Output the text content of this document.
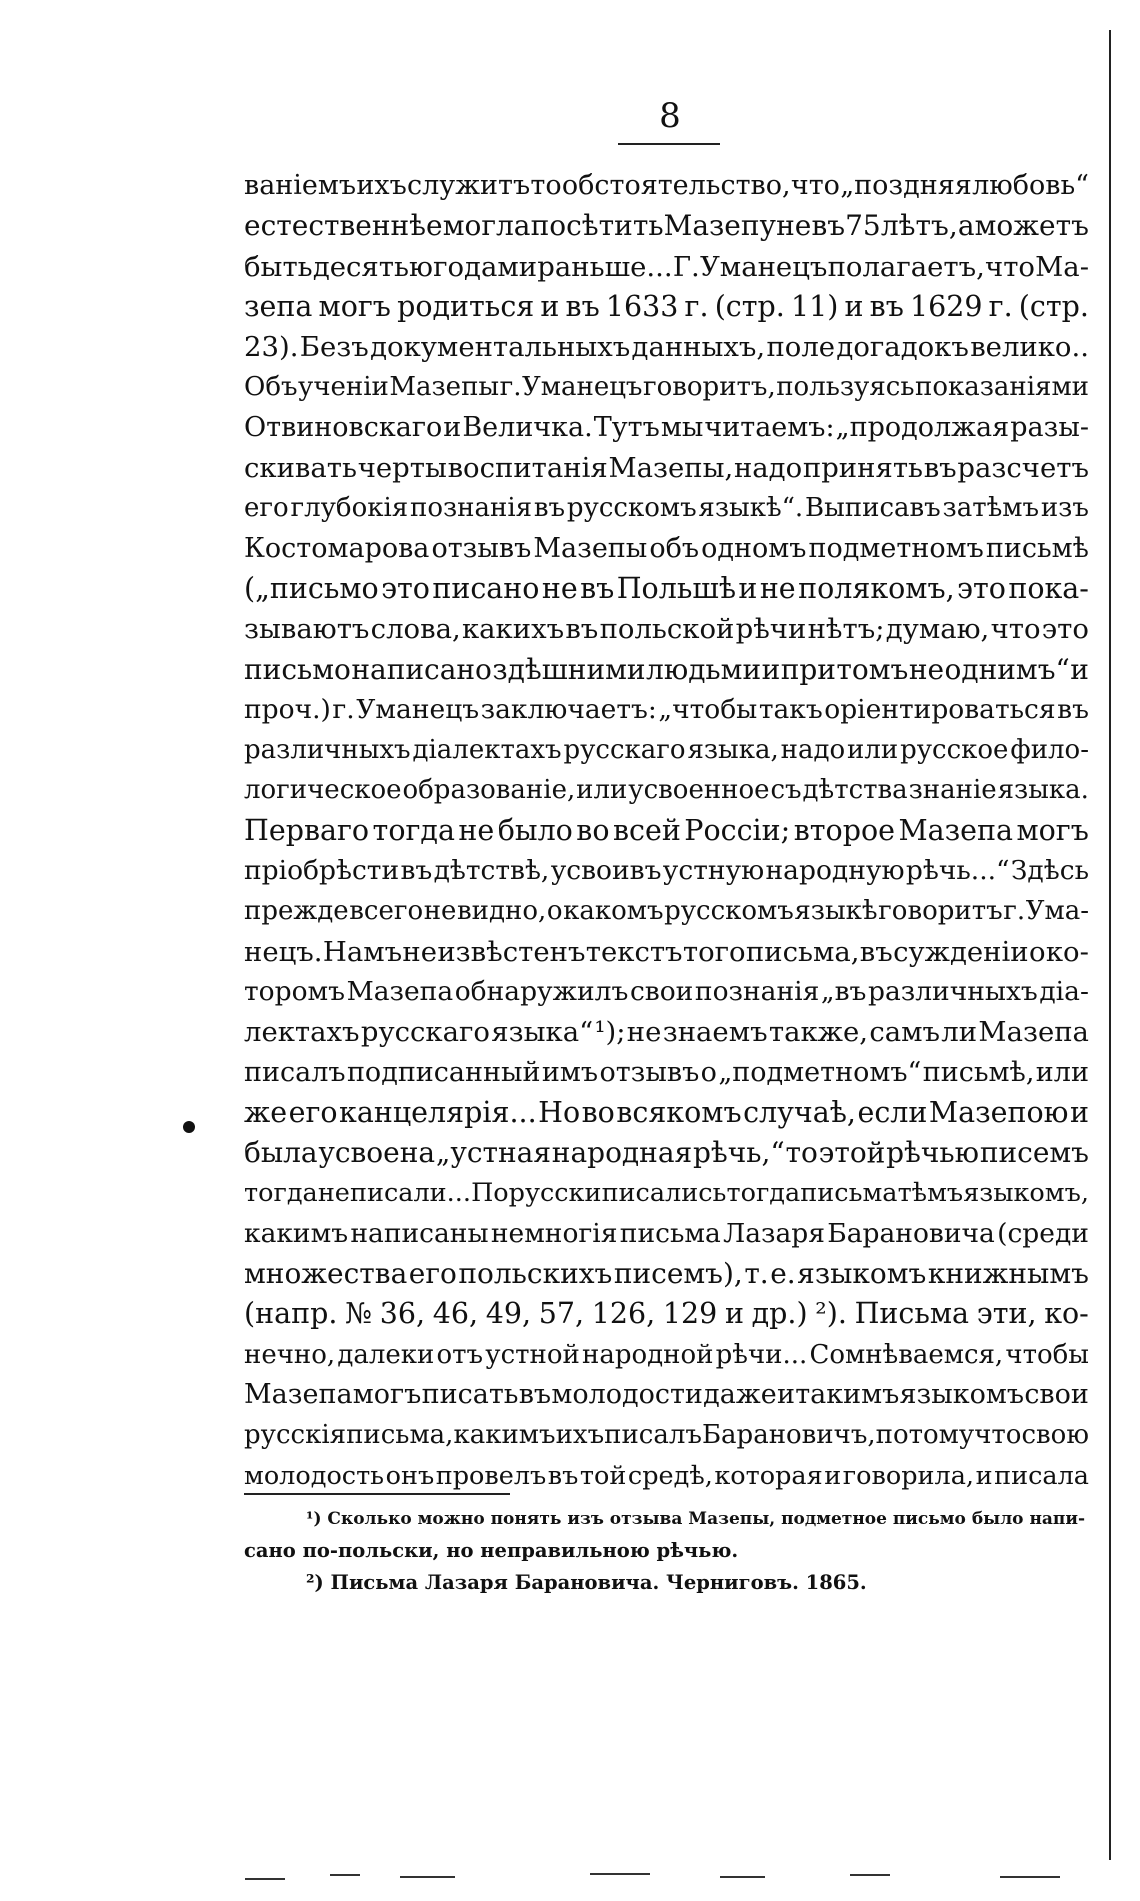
8
ваніемъ ихъ служитъ то обстоятельство, что „поздняя любовь“
естественнѣе могла посѣтить Мазепу не въ 75 лѣтъ, а можетъ
быть десятью годами раньше... Г. Уманецъ полагаетъ, что Ма-
зепа могъ родиться и въ 1633 г. (стр. 11) и въ 1629 г. (стр.
23). Безъ документальныхъ данныхъ, поле догадокъ велико..
Объ ученіи Мазепы г. Уманецъ говоритъ, пользуясь показаніями
Отвиновскаго и Величка. Тутъ мы читаемъ: „продолжая разы-
скивать черты воспитанія Мазепы, надо принять въ разсчетъ
его глубокія познанія въ русскомъ языкѣ“. Выписавъ затѣмъ изъ
Костомарова отзывъ Мазепы объ одномъ подметномъ письмѣ
(„письмо это писано не въ Польшѣ и не полякомъ, это пока-
зываютъ слова, какихъ въ польской рѣчи нѣтъ; думаю, что это
письмо написано здѣшними людьми и при томъ не однимъ“ и
проч.) г. Уманецъ заключаетъ: „чтобы такъ оріентироваться въ
различныхъ діалектахъ русскаго языка, надо или русское фило-
логическое образованіе, или усвоенное съ дѣтства знаніе языка.
Перваго тогда не было во всей Россіи; второе Мазепа могъ
пріобрѣсти въ дѣтствѣ, усвоивъ устную народную рѣчь...“ Здѣсь
прежде всего не видно, о какомъ русскомъ языкѣ говоритъ г. Ума-
нецъ. Намъ не извѣстенъ текстъ того письма, въ сужденіи о ко-
торомъ Мазепа обнаружилъ свои познанія „въ различныхъ діа-
лектахъ русскаго языка“ ¹); не знаемъ также, самъ ли Мазепа
писалъ подписанный имъ отзывъ о „подметномъ“ письмѣ, или
же его канцелярія... Но во всякомъ случаѣ, если Мазепою и
была усвоена „устная народная рѣчь,“ то этой рѣчью писемъ
тогда не писали... Порусски писались тогда письма тѣмъ языкомъ,
какимъ написаны немногія письма Лазаря Барановича (среди
множества его польскихъ писемъ), т. е. языкомъ книжнымъ
(напр. № 36, 46, 49, 57, 126, 129 и др.) ²). Письма эти, ко-
нечно, далеки отъ устной народной рѣчи... Сомнѣваемся, чтобы
Мазепа могъ писать въ молодости даже и такимъ языкомъ свои
русскія письма, какимъ ихъ писалъ Барановичъ, потому что свою
молодость онъ провелъ въ той средѣ, которая и говорила, и писала
¹) Сколько можно понять изъ отзыва Мазепы, подметное письмо было напи-
сано по-польски, но неправильною рѣчью.
²) Письма Лазаря Барановича. Черниговъ. 1865.
